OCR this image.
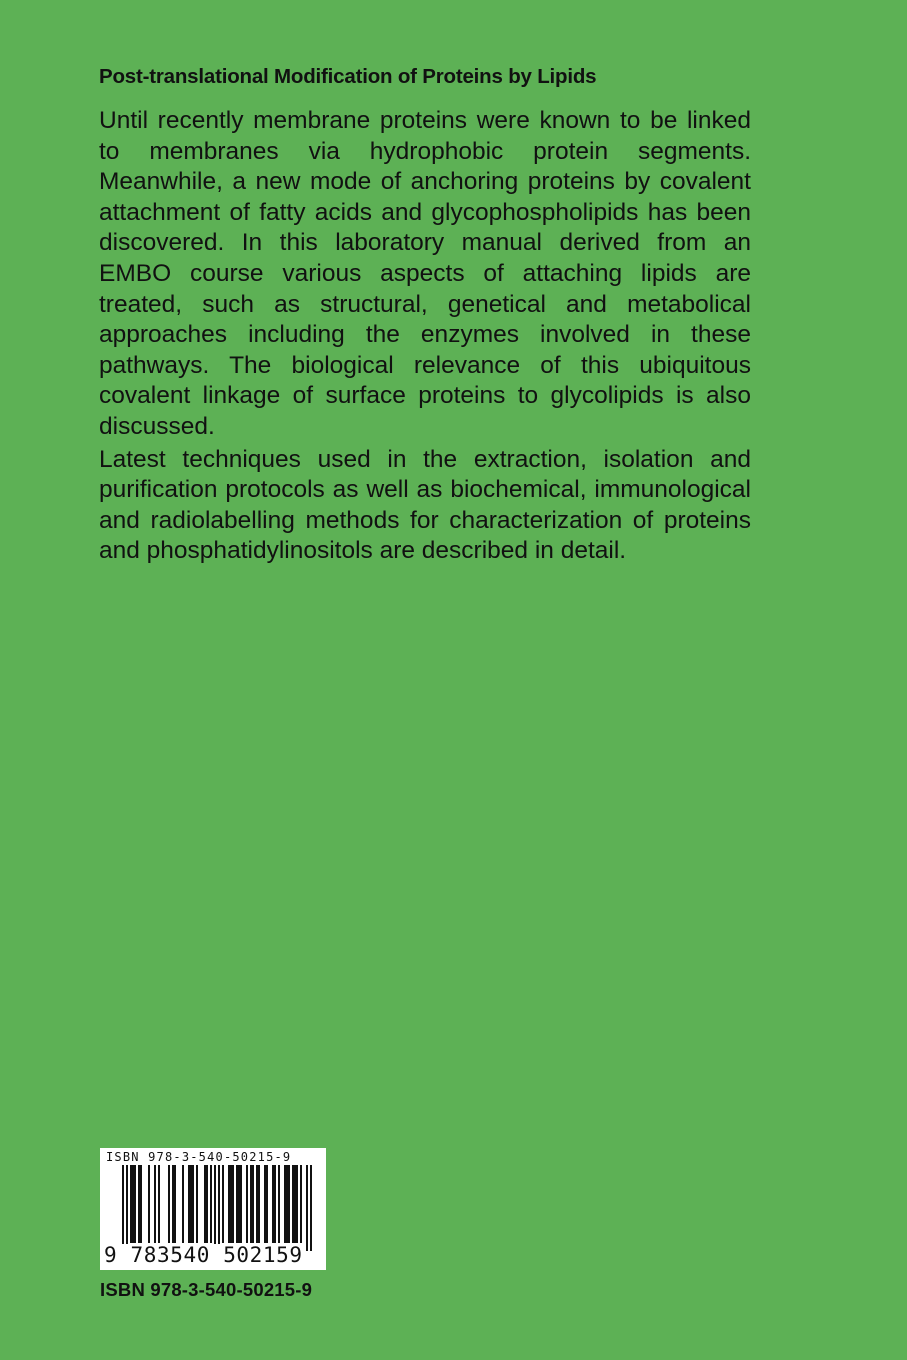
Post-translational Modification of Proteins by Lipids

Until recently membrane proteins were known to be linked to membranes via hydrophobic protein segments. Meanwhile, a new mode of anchoring proteins by covalent attachment of fatty acids and glycophospholipids has been discovered. In this laboratory manual derived from an EMBO course various aspects of attaching lipids are treated, such as structural, genetical and metabolical approaches including the enzymes involved in these pathways. The biological relevance of this ubiquitous covalent linkage of surface proteins to glycolipids is also discussed.

Latest techniques used in the extraction, isolation and purification protocols as well as biochemical, immunological and radiolabelling methods for characterization of proteins and phosphatidylinositols are described in detail.

ISBN 978-3-540-50215-9
9 783540 502159
ISBN 978-3-540-50215-9
